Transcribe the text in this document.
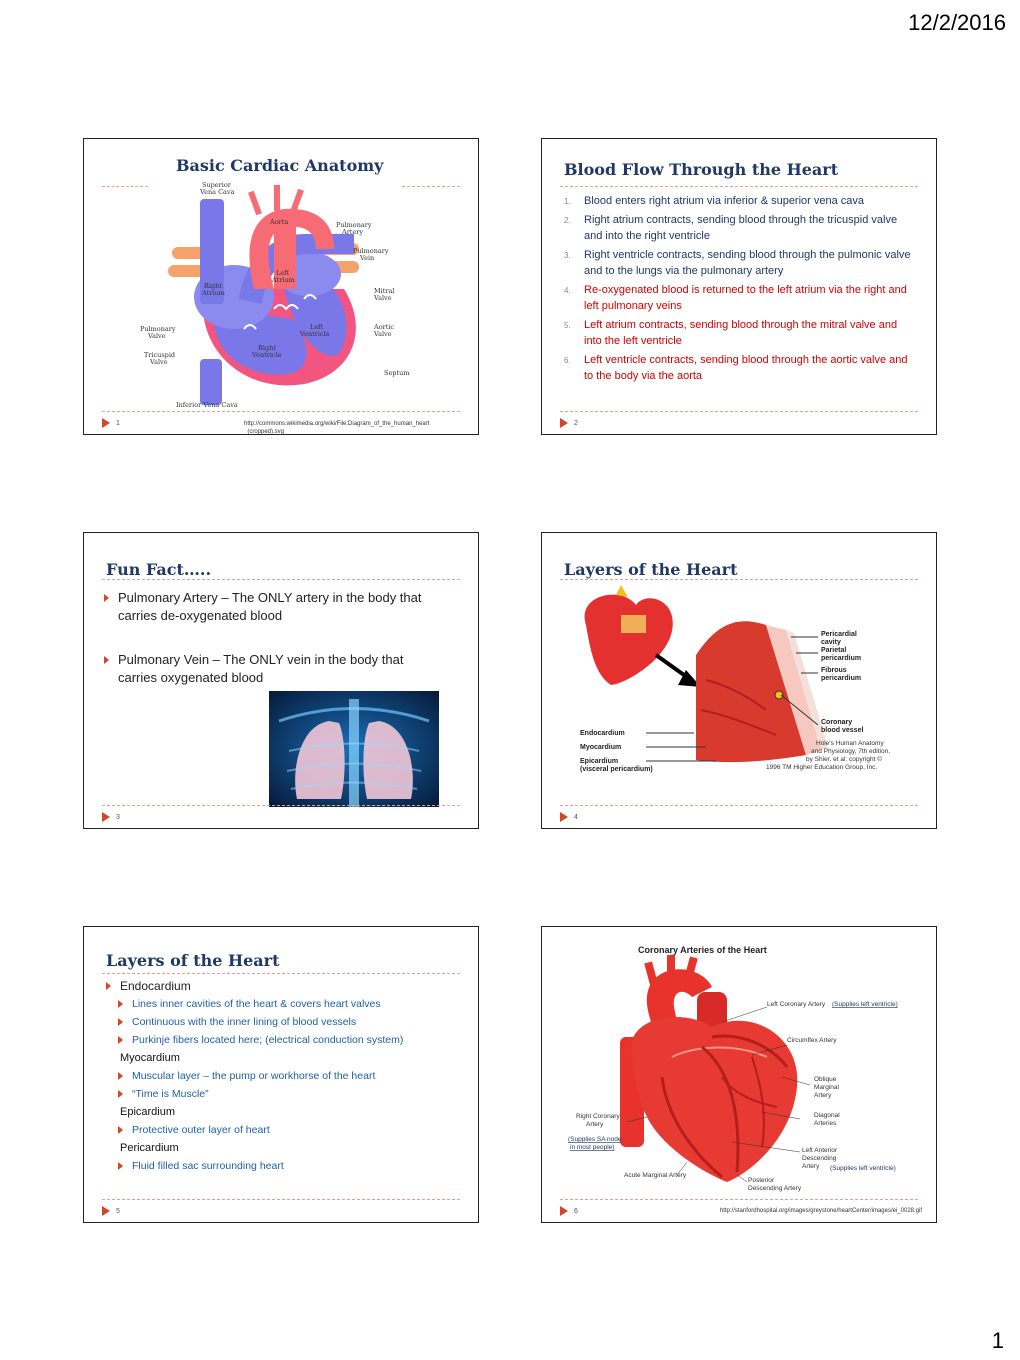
12/2/2016
Basic Cardiac Anatomy
Superior
Vena Cava
Aorta	Pulmonary
Artery
Pulmonary
Vein
Left
Atrium
Right
Atrium	Mitral
Valve
Pulmonary
Valve
Left
Ventricle
Aortic
Valve
Right
Ventricle
Tricuspid
Valve
Septum
Inferior Vena Cava
1	http://commons.wikimedia.org/wiki/File:Diagram_of_the_human_heart
_(cropped).svg
Blood Flow Through the Heart
1. Blood enters right atrium via inferior & superior vena cava
2. Right atrium contracts, sending blood through the tricuspid valve and into the right ventricle
3. Right ventricle contracts, sending blood through the pulmonic valve and to the lungs via the pulmonary artery
4. Re-oxygenated blood is returned to the left atrium via the right and left pulmonary veins
5. Left atrium contracts, sending blood through the mitral valve and into the left ventricle
6. Left ventricle contracts, sending blood through the aortic valve and to the body via the aorta
2
Fun Fact…..
Pulmonary Artery – The ONLY artery in the body that carries de-oxygenated blood
Pulmonary Vein – The ONLY vein in the body that carries oxygenated blood
3
Layers of the Heart
Pericardial
cavity
Parietal
pericardium
Fibrous
pericardium
Coronary
blood vessel
Endocardium
Myocardium
Epicardium
(visceral pericardium)
Hole's Human Anatomy
and Physiology, 7th edition,
by Shier, et al. copyright ©
1996 TM Higher Education Group, Inc.
4
Layers of the Heart
Endocardium
Lines inner cavities of the heart & covers heart valves
Continuous with the inner lining of blood vessels
Purkinje fibers located here; (electrical conduction system)
Myocardium
Muscular layer – the pump or workhorse of the heart
“Time is Muscle”
Epicardium
Protective outer layer of heart
Pericardium
Fluid filled sac surrounding heart
5
Coronary Arteries of the Heart
Left Coronary Artery (Supplies left ventricle)
Circumflex Artery
Oblique
Marginal
Artery
Right Coronary
Artery
Diagonal
Arteries
(Supplies SA node
in most people)	Left Anterior
Descending
Artery (Supplies left ventricle)
Acute Marginal Artery
Posterior
Descending Artery
6	http://stanfordhospital.org/images/greystone/heartCenter/images/ei_0028.gif
1
